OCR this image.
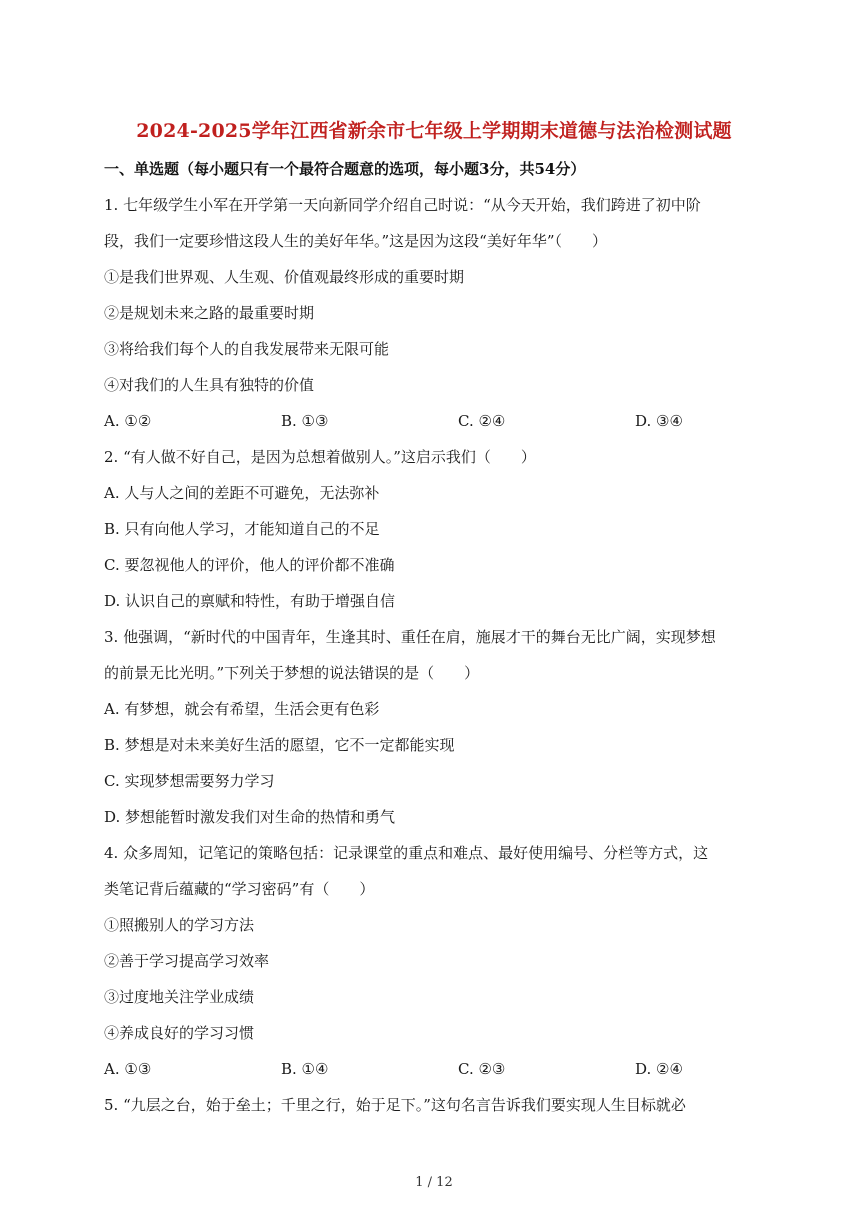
2024-2025学年江西省新余市七年级上学期期末道德与法治检测试题
一、单选题（每小题只有一个最符合题意的选项，每小题3分，共54分）
1. 七年级学生小军在开学第一天向新同学介绍自己时说：“从今天开始，我们跨进了初中阶
段，我们一定要珍惜这段人生的美好年华。”这是因为这段“美好年华”（　　）
①是我们世界观、人生观、价值观最终形成的重要时期
②是规划未来之路的最重要时期
③将给我们每个人的自我发展带来无限可能
④对我们的人生具有独特的价值
A. ①②	B. ①③	C. ②④	D. ③④
2. “有人做不好自己，是因为总想着做别人。”这启示我们（　　）
A. 人与人之间的差距不可避免，无法弥补
B. 只有向他人学习，才能知道自己的不足
C. 要忽视他人的评价，他人的评价都不准确
D. 认识自己的禀赋和特性，有助于增强自信
3. 他强调，“新时代的中国青年，生逢其时、重任在肩，施展才干的舞台无比广阔，实现梦想
的前景无比光明。”下列关于梦想的说法错误的是（　　）
A. 有梦想，就会有希望，生活会更有色彩
B. 梦想是对未来美好生活的愿望，它不一定都能实现
C. 实现梦想需要努力学习
D. 梦想能暂时激发我们对生命的热情和勇气
4. 众多周知，记笔记的策略包括：记录课堂的重点和难点、最好使用编号、分栏等方式，这
类笔记背后蕴藏的“学习密码”有（　　）
①照搬别人的学习方法
②善于学习提高学习效率
③过度地关注学业成绩
④养成良好的学习习惯
A. ①③	B. ①④	C. ②③	D. ②④
5. “九层之台，始于垒土；千里之行，始于足下。”这句名言告诉我们要实现人生目标就必
1 / 12
